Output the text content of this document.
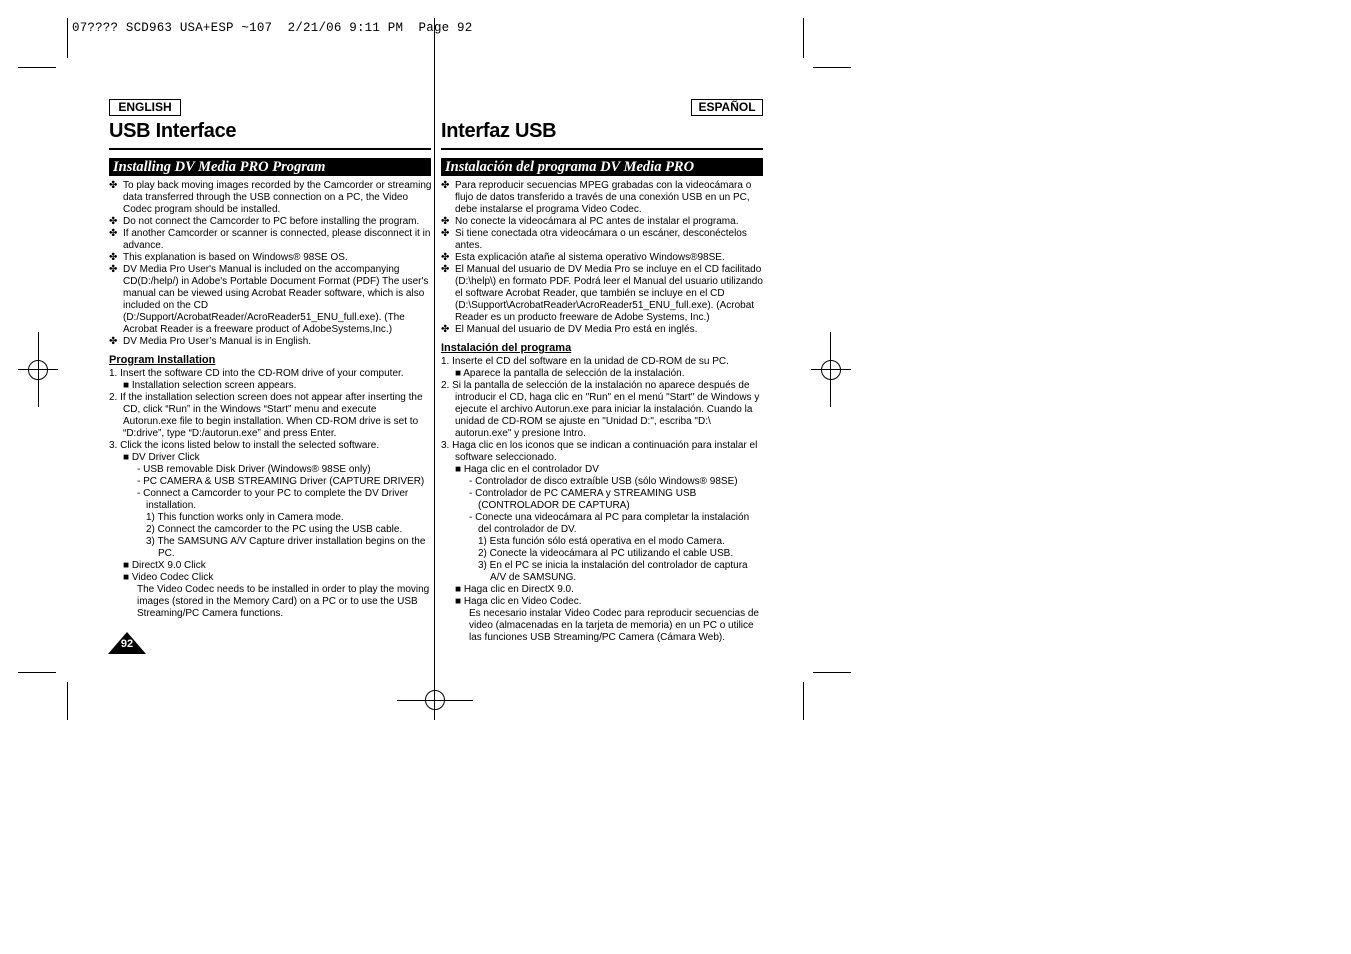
07???? SCD963 USA+ESP ~107  2/21/06 9:11 PM  Page 92
ENGLISH
USB Interface
Installing DV Media PRO Program
✤ To play back moving images recorded by the Camcorder or streaming data transferred through the USB connection on a PC, the Video Codec program should be installed.
✤ Do not connect the Camcorder to PC before installing the program.
✤ If another Camcorder or scanner is connected, please disconnect it in advance.
✤ This explanation is based on Windows® 98SE OS.
✤ DV Media Pro User's Manual is included on the accompanying CD(D:/help/) in Adobe's Portable Document Format (PDF) The user's manual can be viewed using Acrobat Reader software, which is also included on the CD (D:/Support/AcrobatReader/AcroReader51_ENU_full.exe). (The Acrobat Reader is a freeware product of AdobeSystems,Inc.)
✤ DV Media Pro User’s Manual is in English.
Program Installation
1. Insert the software CD into the CD-ROM drive of your computer.
■ Installation selection screen appears.
2. If the installation selection screen does not appear after inserting the CD, click “Run” in the Windows “Start” menu and execute Autorun.exe file to begin installation. When CD-ROM drive is set to “D:drive”, type “D:/autorun.exe” and press Enter.
3. Click the icons listed below to install the selected software.
■ DV Driver Click
- USB removable Disk Driver (Windows® 98SE only)
- PC CAMERA & USB STREAMING Driver (CAPTURE DRIVER)
- Connect a Camcorder to your PC to complete the DV Driver installation.
1) This function works only in Camera mode.
2) Connect the camcorder to the PC using the USB cable.
3) The SAMSUNG A/V Capture driver installation begins on the PC.
■ DirectX 9.0 Click
■ Video Codec Click
The Video Codec needs to be installed in order to play the moving images (stored in the Memory Card) on a PC or to use the USB Streaming/PC Camera functions.
92
ESPAÑOL
Interfaz USB
Instalación del programa DV Media PRO
✤ Para reproducir secuencias MPEG grabadas con la videocámara o flujo de datos transferido a través de una conexión USB en un PC, debe instalarse el programa Video Codec.
✤ No conecte la videocámara al PC antes de instalar el programa.
✤ Si tiene conectada otra videocámara o un escáner, desconéctelos antes.
✤ Esta explicación atañe al sistema operativo Windows®98SE.
✤ El Manual del usuario de DV Media Pro se incluye en el CD facilitado (D:\help\) en formato PDF. Podrá leer el Manual del usuario utilizando el software Acrobat Reader, que también se incluye en el CD (D:\Support\AcrobatReader\AcroReader51_ENU_full.exe). (Acrobat Reader es un producto freeware de Adobe Systems, Inc.)
✤ El Manual del usuario de DV Media Pro está en inglés.
Instalación del programa
1. Inserte el CD del software en la unidad de CD-ROM de su PC.
■ Aparece la pantalla de selección de la instalación.
2. Si la pantalla de selección de la instalación no aparece después de introducir el CD, haga clic en "Run" en el menú "Start" de Windows y ejecute el archivo Autorun.exe para iniciar la instalación. Cuando la unidad de CD-ROM se ajuste en "Unidad D:", escriba "D:\ autorun.exe" y presione Intro.
3. Haga clic en los iconos que se indican a continuación para instalar el software seleccionado.
■ Haga clic en el controlador DV
- Controlador de disco extraíble USB (sólo Windows® 98SE)
- Controlador de PC CAMERA y STREAMING USB (CONTROLADOR DE CAPTURA)
- Conecte una videocámara al PC para completar la instalación del controlador de DV.
1) Esta función sólo está operativa en el modo Camera.
2) Conecte la videocámara al PC utilizando el cable USB.
3) En el PC se inicia la instalación del controlador de captura A/V de SAMSUNG.
■ Haga clic en DirectX 9.0.
■ Haga clic en Video Codec.
Es necesario instalar Video Codec para reproducir secuencias de video (almacenadas en la tarjeta de memoria) en un PC o utilice las funciones USB Streaming/PC Camera (Cámara Web).
